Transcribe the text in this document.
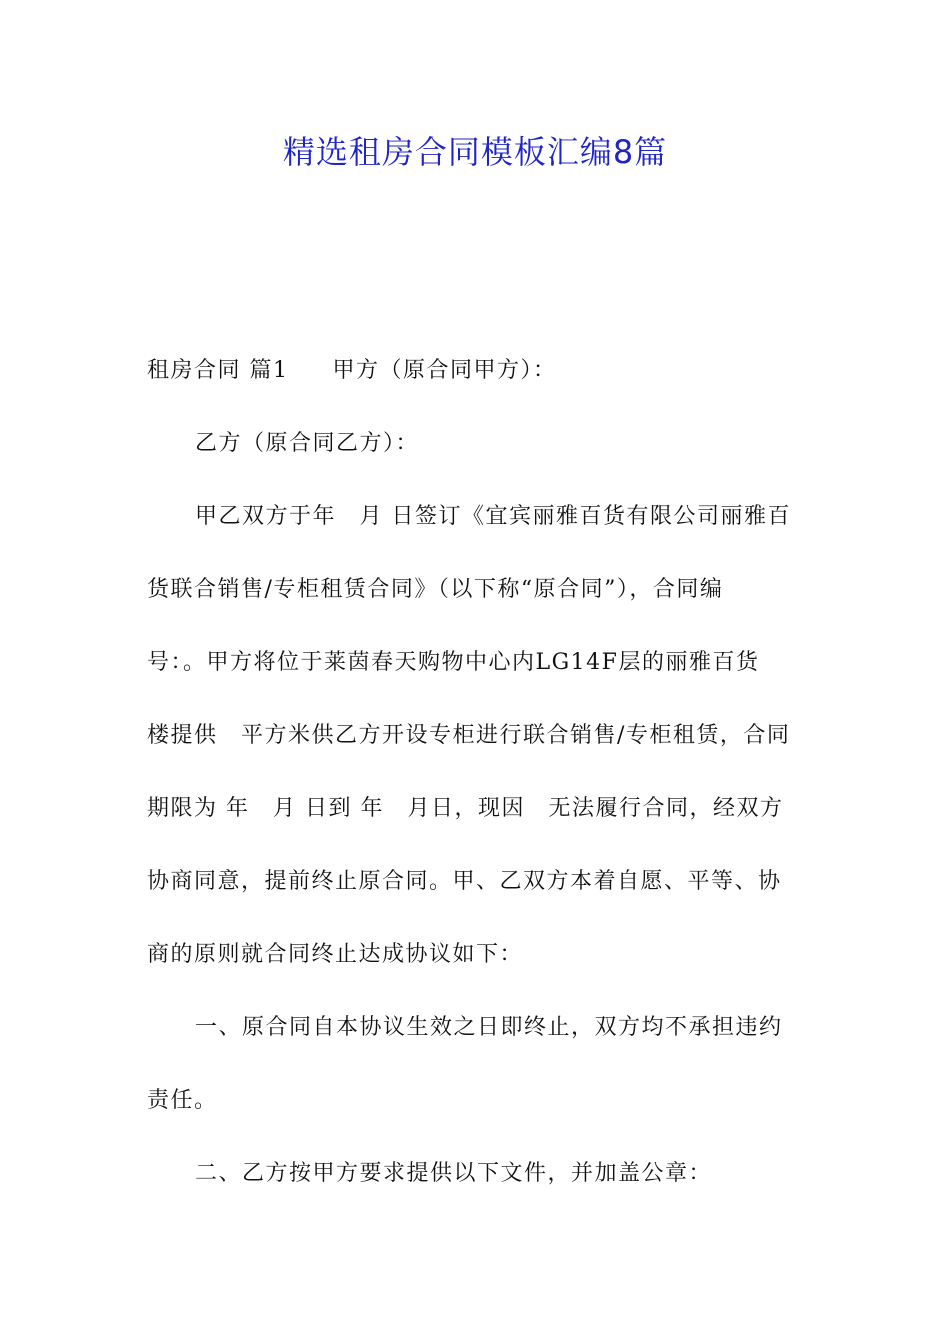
精选租房合同模板汇编8篇
租房合同 篇1 甲方（原合同甲方）：
乙方（原合同乙方）：
甲乙双方于年　月 日签订《宜宾丽雅百货有限公司丽雅百
货联合销售/专柜租赁合同》（以下称“原合同”），合同编
号：。甲方将位于莱茵春天购物中心内LG14F层的丽雅百货
楼提供　平方米供乙方开设专柜进行联合销售/专柜租赁，合同
期限为 年　月 日到 年　月日，现因　无法履行合同，经双方
协商同意，提前终止原合同。甲、乙双方本着自愿、平等、协
商的原则就合同终止达成协议如下：
一、原合同自本协议生效之日即终止，双方均不承担违约
责任。
二、乙方按甲方要求提供以下文件，并加盖公章：
